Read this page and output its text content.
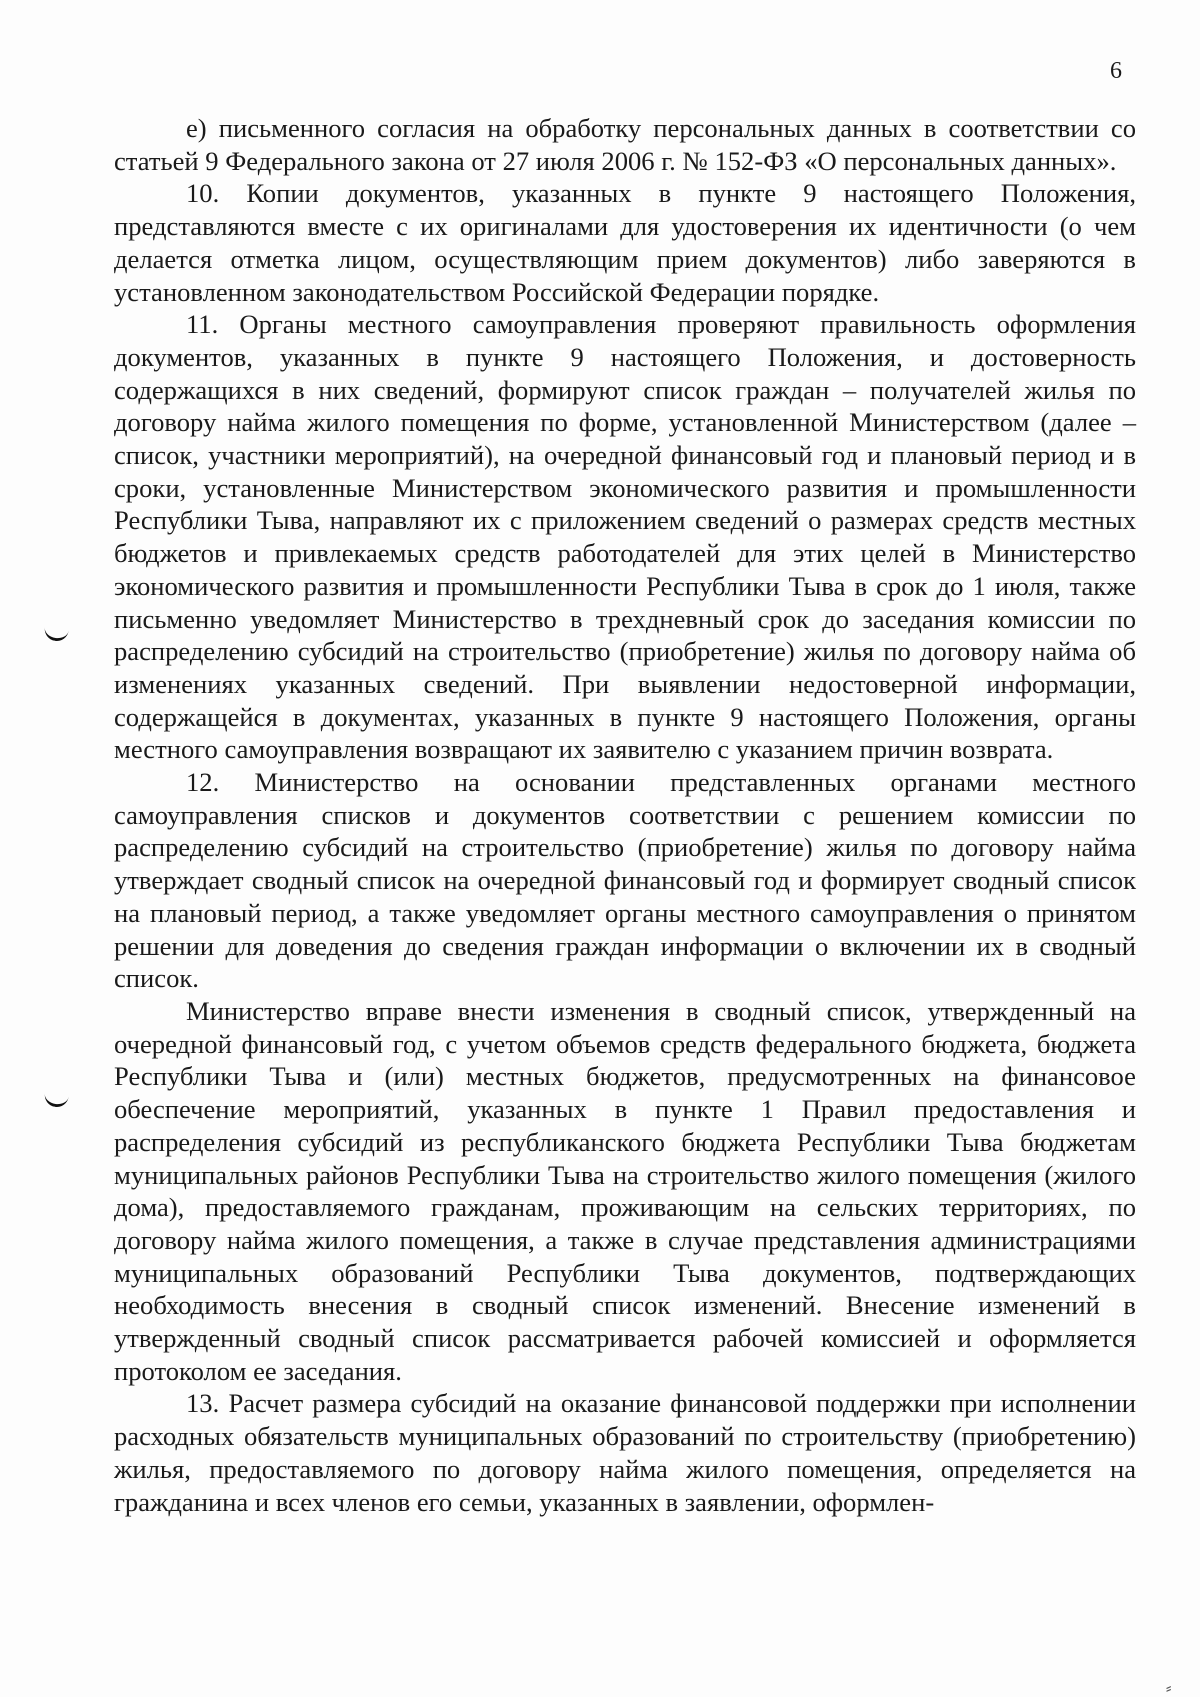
6

е) письменного согласия на обработку персональных данных в соответствии со статьей 9 Федерального закона от 27 июля 2006 г. № 152-ФЗ «О персональных данных».

10. Копии документов, указанных в пункте 9 настоящего Положения, представляются вместе с их оригиналами для удостоверения их идентичности (о чем делается отметка лицом, осуществляющим прием документов) либо заверяются в установленном законодательством Российской Федерации порядке.

11. Органы местного самоуправления проверяют правильность оформления документов, указанных в пункте 9 настоящего Положения, и достоверность содержащихся в них сведений, формируют список граждан – получателей жилья по договору найма жилого помещения по форме, установленной Министерством (далее – список, участники мероприятий), на очередной финансовый год и плановый период и в сроки, установленные Министерством экономического развития и промышленности Республики Тыва, направляют их с приложением сведений о размерах средств местных бюджетов и привлекаемых средств работодателей для этих целей в Министерство экономического развития и промышленности Республики Тыва в срок до 1 июля, также письменно уведомляет Министерство в трехдневный срок до заседания комиссии по распределению субсидий на строительство (приобретение) жилья по договору найма об изменениях указанных сведений. При выявлении недостоверной информации, содержащейся в документах, указанных в пункте 9 настоящего Положения, органы местного самоуправления возвращают их заявителю с указанием причин возврата.

12. Министерство на основании представленных органами местного самоуправления списков и документов соответствии с решением комиссии по распределению субсидий на строительство (приобретение) жилья по договору найма утверждает сводный список на очередной финансовый год и формирует сводный список на плановый период, а также уведомляет органы местного самоуправления о принятом решении для доведения до сведения граждан информации о включении их в сводный список.

Министерство вправе внести изменения в сводный список, утвержденный на очередной финансовый год, с учетом объемов средств федерального бюджета, бюджета Республики Тыва и (или) местных бюджетов, предусмотренных на финансовое обеспечение мероприятий, указанных в пункте 1 Правил предоставления и распределения субсидий из республиканского бюджета Республики Тыва бюджетам муниципальных районов Республики Тыва на строительство жилого помещения (жилого дома), предоставляемого гражданам, проживающим на сельских территориях, по договору найма жилого помещения, а также в случае представления администрациями муниципальных образований Республики Тыва документов, подтверждающих необходимость внесения в сводный список изменений. Внесение изменений в утвержденный сводный список рассматривается рабочей комиссией и оформляется протоколом ее заседания.

13. Расчет размера субсидий на оказание финансовой поддержки при исполнении расходных обязательств муниципальных образований по строительству (приобретению) жилья, предоставляемого по договору найма жилого помещения, определяется на гражданина и всех членов его семьи, указанных в заявлении, оформлен-

⸗
